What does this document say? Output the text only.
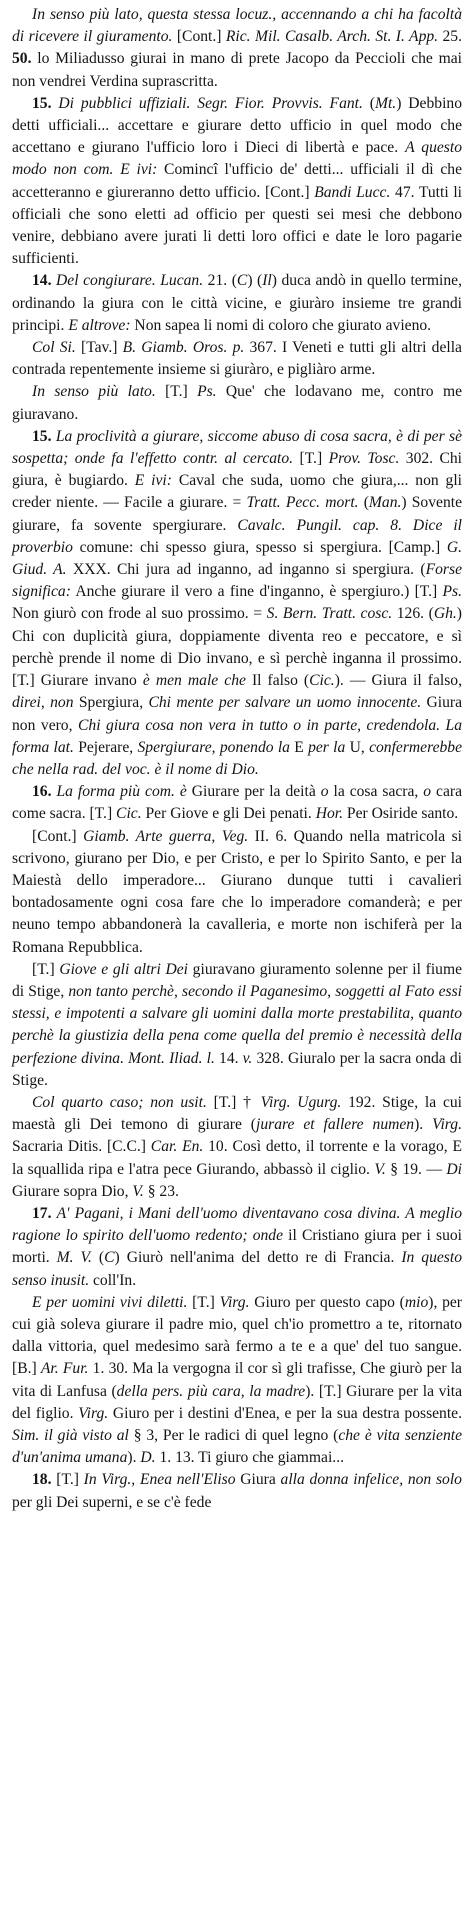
In senso più lato, questa stessa locuz., accennando a chi ha facoltà di ricevere il giuramento. [Cont.] Ric. Mil. Casalb. Arch. St. I. App. 25. 50. lo Miliadusso giurai in mano di prete Jacopo da Peccioli che mai non vendrei Verdina suprascritta.

15. Di pubblici uffiziali. Segr. Fior. Provvis. Fant. (Mt.) Debbino detti ufficiali... accettare e giurare detto ufficio in quel modo che accettano e giurano l'ufficio loro i Dieci di libertà e pace. A questo modo non com. E ivi: Comincî l'ufficio de' detti... ufficiali il dì che accetteranno e giureranno detto ufficio. [Cont.] Bandi Lucc. 47. Tutti li officiali che sono eletti ad officio per questi sei mesi che debbono venire, debbiano avere jurati li detti loro offici e date le loro pagarie sufficienti.

14. Del congiurare. Lucan. 21. (C) (Il) duca andò in quello termine, ordinando la giura con le città vicine, e giuràro insieme tre grandi principi. E altrove: Non sapea li nomi di coloro che giurato avieno.

Col Si. [Tav.] B. Giamb. Oros. p. 367. I Veneti e tutti gli altri della contrada repentemente insieme si giuràro, e pigliàro arme.

In senso più lato. [T.] Ps. Que' che lodavano me, contro me giuravano.

15. La proclività a giurare, siccome abuso di cosa sacra, è di per sè sospetta; onde fa l'effetto contr. al cercato. [T.] Prov. Tosc. 302. Chi giura, è bugiardo. E ivi: Caval che suda, uomo che giura,... non gli creder niente. — Facile a giurare. = Tratt. Pecc. mort. (Man.) Sovente giurare, fa sovente spergiurare. Cavalc. Pungil. cap. 8. Dice il proverbio comune: chi spesso giura, spesso si spergiura. [Camp.] G. Giud. A. XXX. Chi jura ad inganno, ad inganno si spergiura. (Forse significa: Anche giurare il vero a fine d'inganno, è spergiuro.) [T.] Ps. Non giurò con frode al suo prossimo. = S. Bern. Tratt. cosc. 126. (Gh.) Chi con duplicità giura, doppiamente diventa reo e peccatore, e sì perchè prende il nome di Dio invano, e sì perchè inganna il prossimo. [T.] Giurare invano è men male che Il falso (Cic.). — Giura il falso, direi, non Spergiura, Chi mente per salvare un uomo innocente. Giura non vero, Chi giura cosa non vera in tutto o in parte, credendola. La forma lat. Pejerare, Spergiurare, ponendo la E per la U, confermerebbe che nella rad. del voc. è il nome di Dio.

16. La forma più com. è Giurare per la deità o la cosa sacra, o cara come sacra. [T.] Cic. Per Giove e gli Dei penati. Hor. Per Osiride santo.

[Cont.] Giamb. Arte guerra, Veg. II. 6. Quando nella matricola si scrivono, giurano per Dio, e per Cristo, e per lo Spirito Santo, e per la Maiestà dello imperadore... Giurano dunque tutti i cavalieri bontadosamente ogni cosa fare che lo imperadore comanderà; e per neuno tempo abbandonerà la cavalleria, e morte non ischiferà per la Romana Repubblica.

[T.] Giove e gli altri Dei giuravano giuramento solenne per il fiume di Stige, non tanto perchè, secondo il Paganesimo, soggetti al Fato essi stessi, e impotenti a salvare gli uomini dalla morte prestabilita, quanto perchè la giustizia della pena come quella del premio è necessità della perfezione divina. Mont. Iliad. l. 14. v. 328. Giuralo per la sacra onda di Stige.

Col quarto caso; non usit. [T.] † Virg. Ugurg. 192. Stige, la cui maestà gli Dei temono di giurare (jurare et fallere numen). Virg. Sacraria Ditis. [C.C.] Car. En. 10. Così detto, il torrente e la vorago, E la squallida ripa e l'atra pece Giurando, abbassò il ciglio. V. § 19. — Di Giurare sopra Dio, V. § 23.

17. A' Pagani, i Mani dell'uomo diventavano cosa divina. A meglio ragione lo spirito dell'uomo redento; onde il Cristiano giura per i suoi morti. M. V. (C) Giurò nell'anima del detto re di Francia. In questo senso inusit. coll'In.

E per uomini vivi diletti. [T.] Virg. Giuro per questo capo (mio), per cui già soleva giurare il padre mio, quel ch'io promettro a te, ritornato dalla vittoria, quel medesimo sarà fermo a te e a que' del tuo sangue. [B.] Ar. Fur. 1. 30. Ma la vergogna il cor sì gli trafisse, Che giurò per la vita di Lanfusa (della pers. più cara, la madre). [T.] Giurare per la vita del figlio. Virg. Giuro per i destini d'Enea, e per la sua destra possente. Sim. il già visto al § 3, Per le radici di quel legno (che è vita senziente d'un'anima umana). D. 1. 13. Ti giuro che giammai...

18. [T.] In Virg., Enea nell'Eliso Giura alla donna infelice, non solo per gli Dei superni, e se c'è fede
